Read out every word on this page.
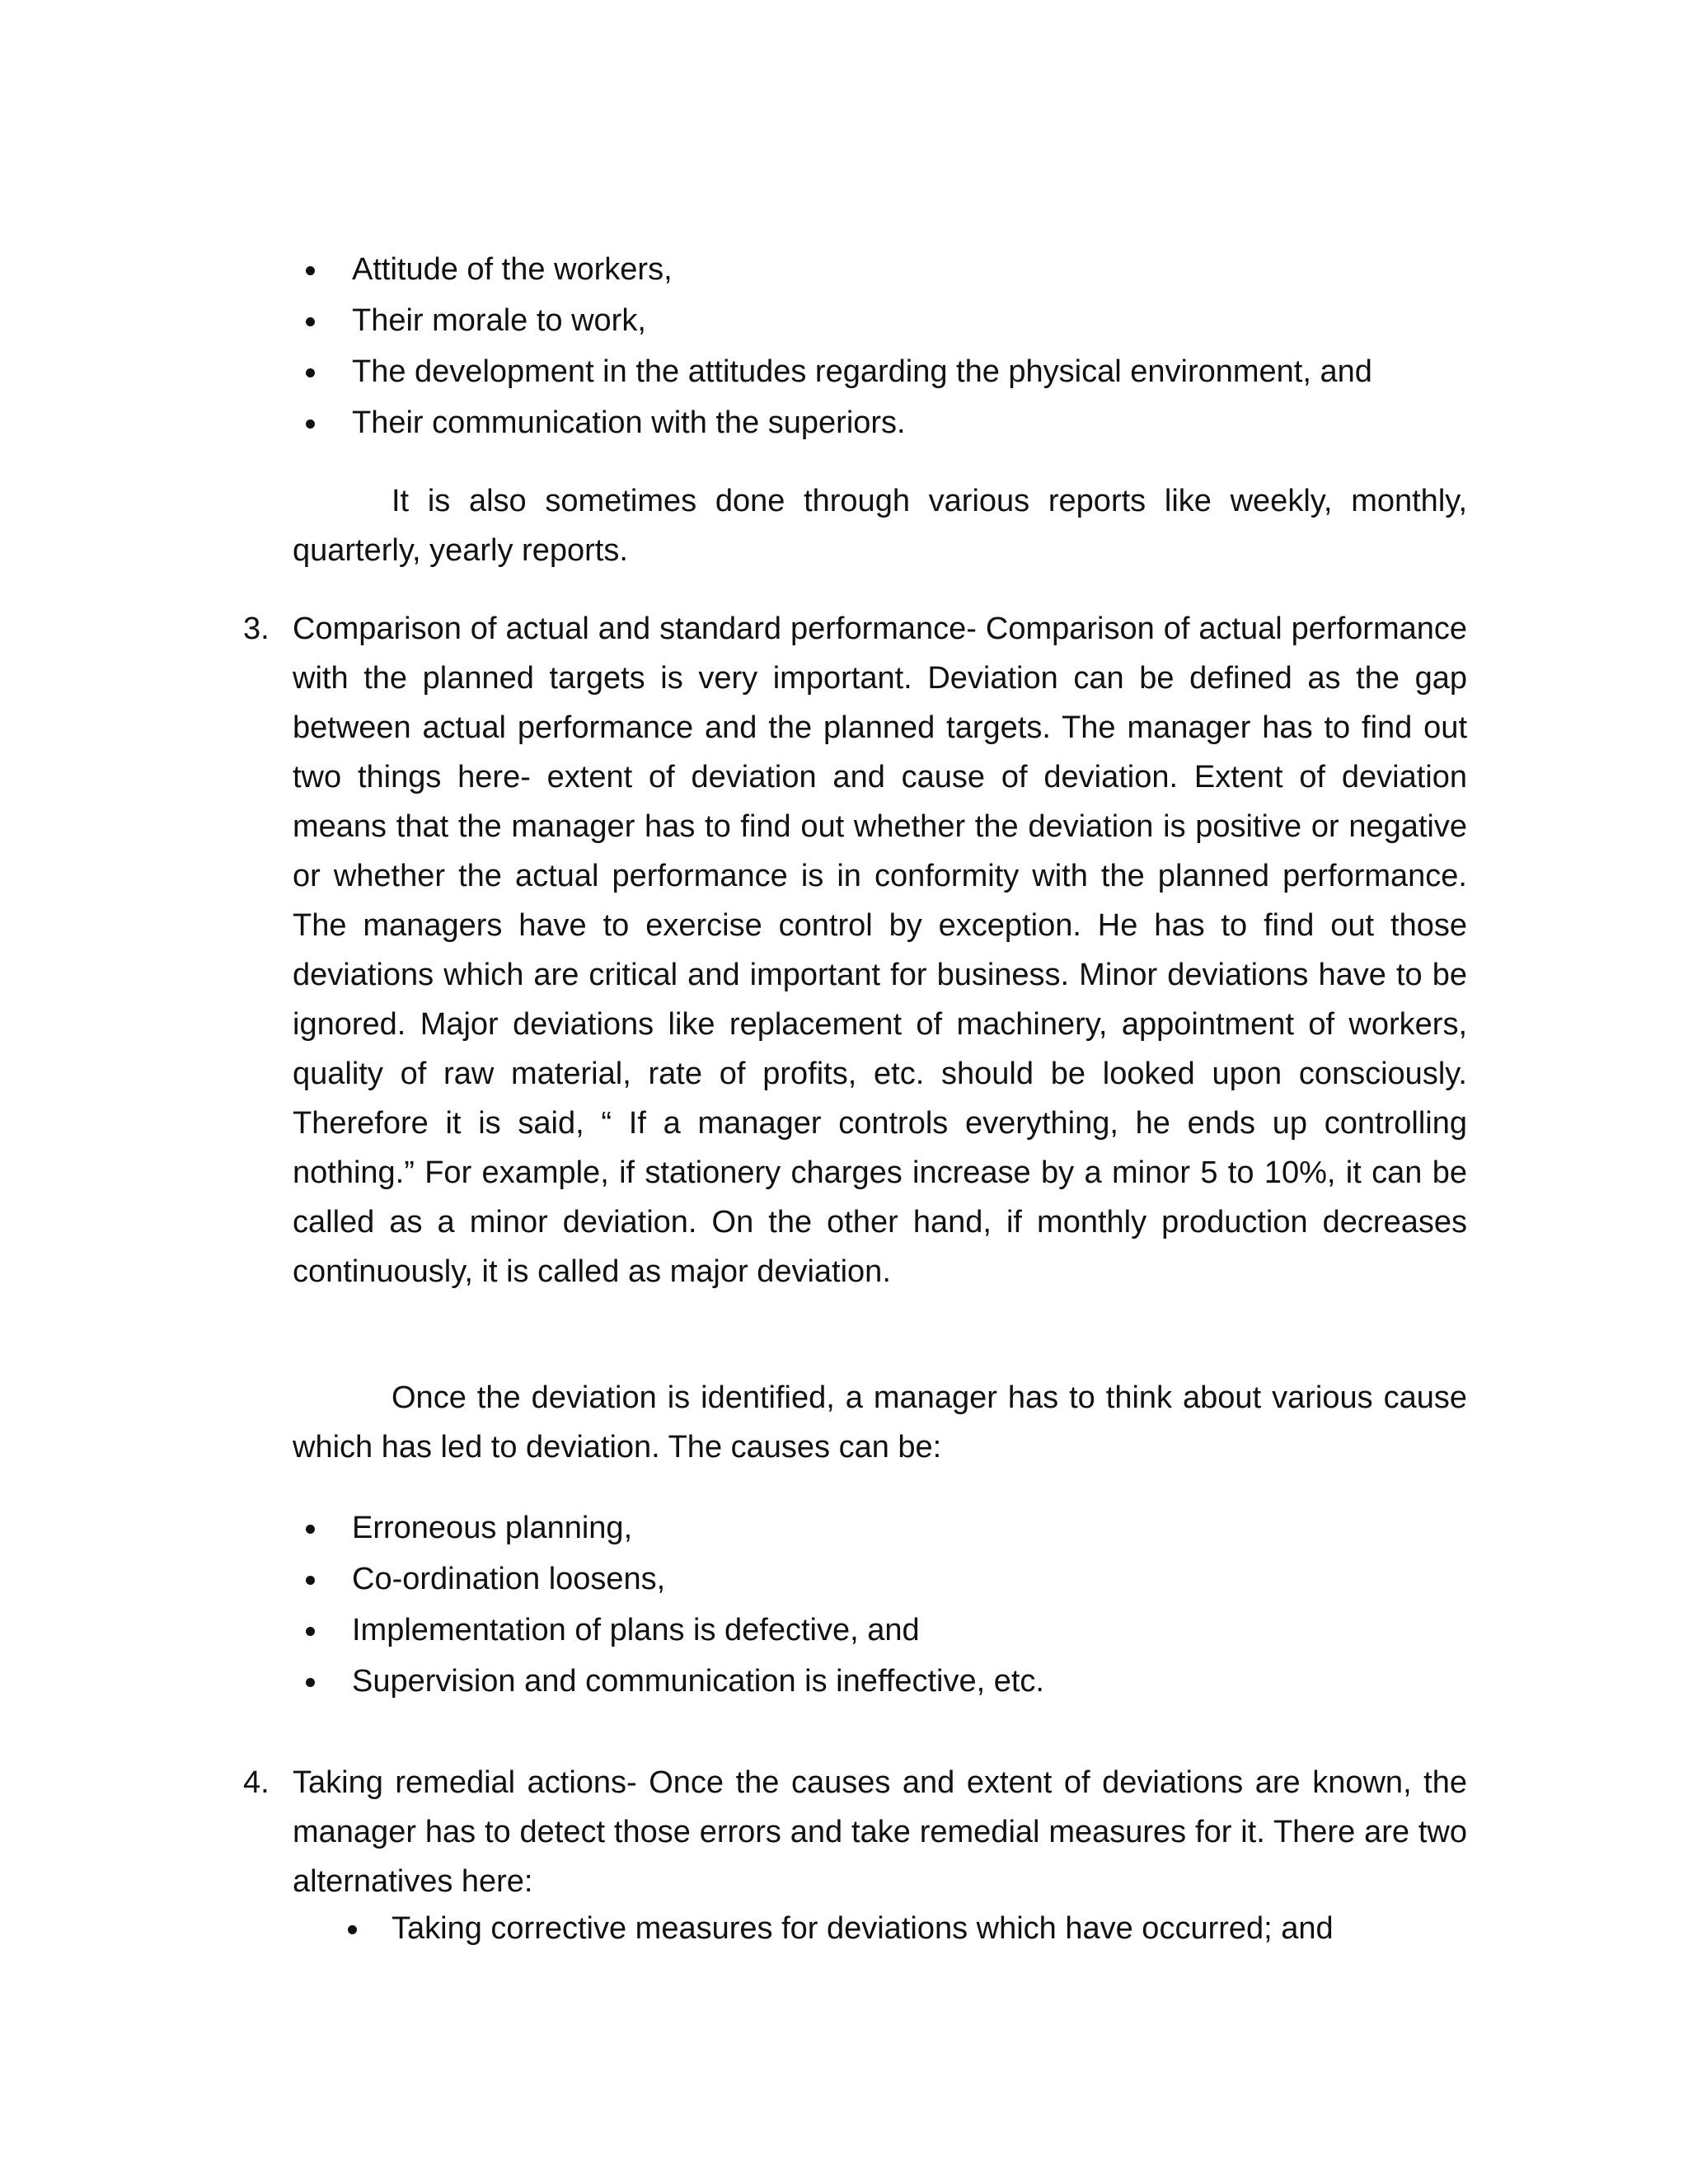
Attitude of the workers,
Their morale to work,
The development in the attitudes regarding the physical environment, and
Their communication with the superiors.

It is also sometimes done through various reports like weekly, monthly, quarterly, yearly reports.

3. Comparison of actual and standard performance- Comparison of actual performance with the planned targets is very important. Deviation can be defined as the gap between actual performance and the planned targets. The manager has to find out two things here- extent of deviation and cause of deviation. Extent of deviation means that the manager has to find out whether the deviation is positive or negative or whether the actual performance is in conformity with the planned performance. The managers have to exercise control by exception. He has to find out those deviations which are critical and important for business. Minor deviations have to be ignored. Major deviations like replacement of machinery, appointment of workers, quality of raw material, rate of profits, etc. should be looked upon consciously. Therefore it is said, “ If a manager controls everything, he ends up controlling nothing.” For example, if stationery charges increase by a minor 5 to 10%, it can be called as a minor deviation. On the other hand, if monthly production decreases continuously, it is called as major deviation.

Once the deviation is identified, a manager has to think about various cause which has led to deviation. The causes can be:

Erroneous planning,
Co-ordination loosens,
Implementation of plans is defective, and
Supervision and communication is ineffective, etc.
4. Taking remedial actions- Once the causes and extent of deviations are known, the manager has to detect those errors and take remedial measures for it. There are two alternatives here:
Taking corrective measures for deviations which have occurred; and
